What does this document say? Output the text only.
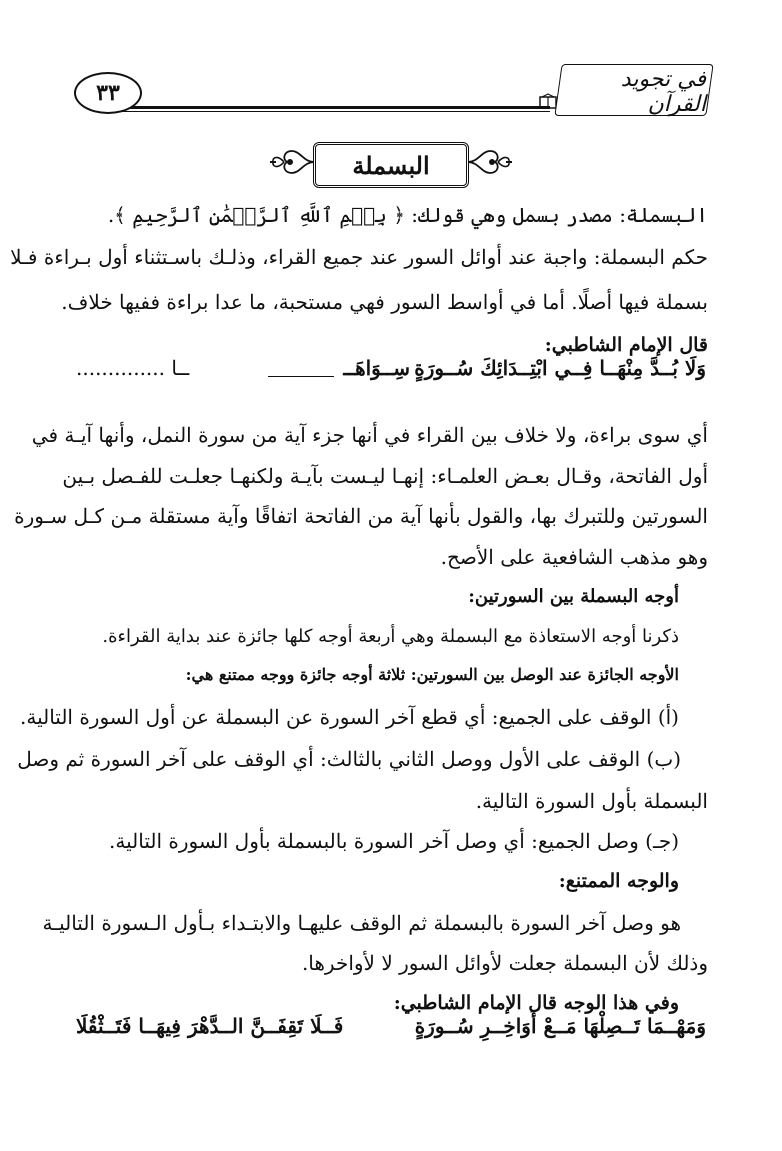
٣٣
في تجويد القرآن
البسملة
البسملة: مصدر بسمل وهي قولك: ﴿ بِسۡمِ ٱللَّهِ ٱلرَّحۡمَٰنِ ٱلرَّحِيمِ ﴾.
حكم البسملة: واجبة عند أوائل السور عند جميع القراء، وذلـك باسـتثناء أول بـراءة فـلا
بسملة فيها أصلًا. أما في أواسط السور فهي مستحبة، ما عدا براءة ففيها خلاف.
قال الإمام الشاطبي:
وَلَا بُــدَّ مِنْهَــا فِــي ابْتِــدَائِكَ سُــورَةٍ
سِــوَاهَــ
ــا ..............
أي سوى براءة، ولا خلاف بين القراء في أنها جزء آية من سورة النمل، وأنها آيـة في
أول الفاتحة، وقـال بعـض العلمـاء: إنهـا ليـست بآيـة ولكنهـا جعلـت للفـصل بـين
السورتين وللتبرك بها، والقول بأنها آية من الفاتحة اتفاقًا وآية مستقلة مـن كـل سـورة
وهو مذهب الشافعية على الأصح.
أوجه البسملة بين السورتين:
ذكرنا أوجه الاستعاذة مع البسملة وهي أربعة أوجه كلها جائزة عند بداية القراءة.
الأوجه الجائزة عند الوصل بين السورتين: ثلاثة أوجه جائزة ووجه ممتنع هي:
(أ) الوقف على الجميع: أي قطع آخر السورة عن البسملة عن أول السورة التالية.
(ب) الوقف على الأول ووصل الثاني بالثالث: أي الوقف على آخر السورة ثم وصل
البسملة بأول السورة التالية.
(جـ) وصل الجميع: أي وصل آخر السورة بالبسملة بأول السورة التالية.
والوجه الممتنع:
هو وصل آخر السورة بالبسملة ثم الوقف عليهـا والابتـداء بـأول الـسورة التاليـة
وذلك لأن البسملة جعلت لأوائل السور لا لأواخرها.
وفي هذا الوجه قال الإمام الشاطبي:
وَمَهْــمَا تَــصِلْهَا مَــعْ أَوَاخِــرِ سُــورَةٍ
فَــلَا تَقِفَــنَّ الــدَّهْرَ فِيهَــا فَتَــثْقُلَا
